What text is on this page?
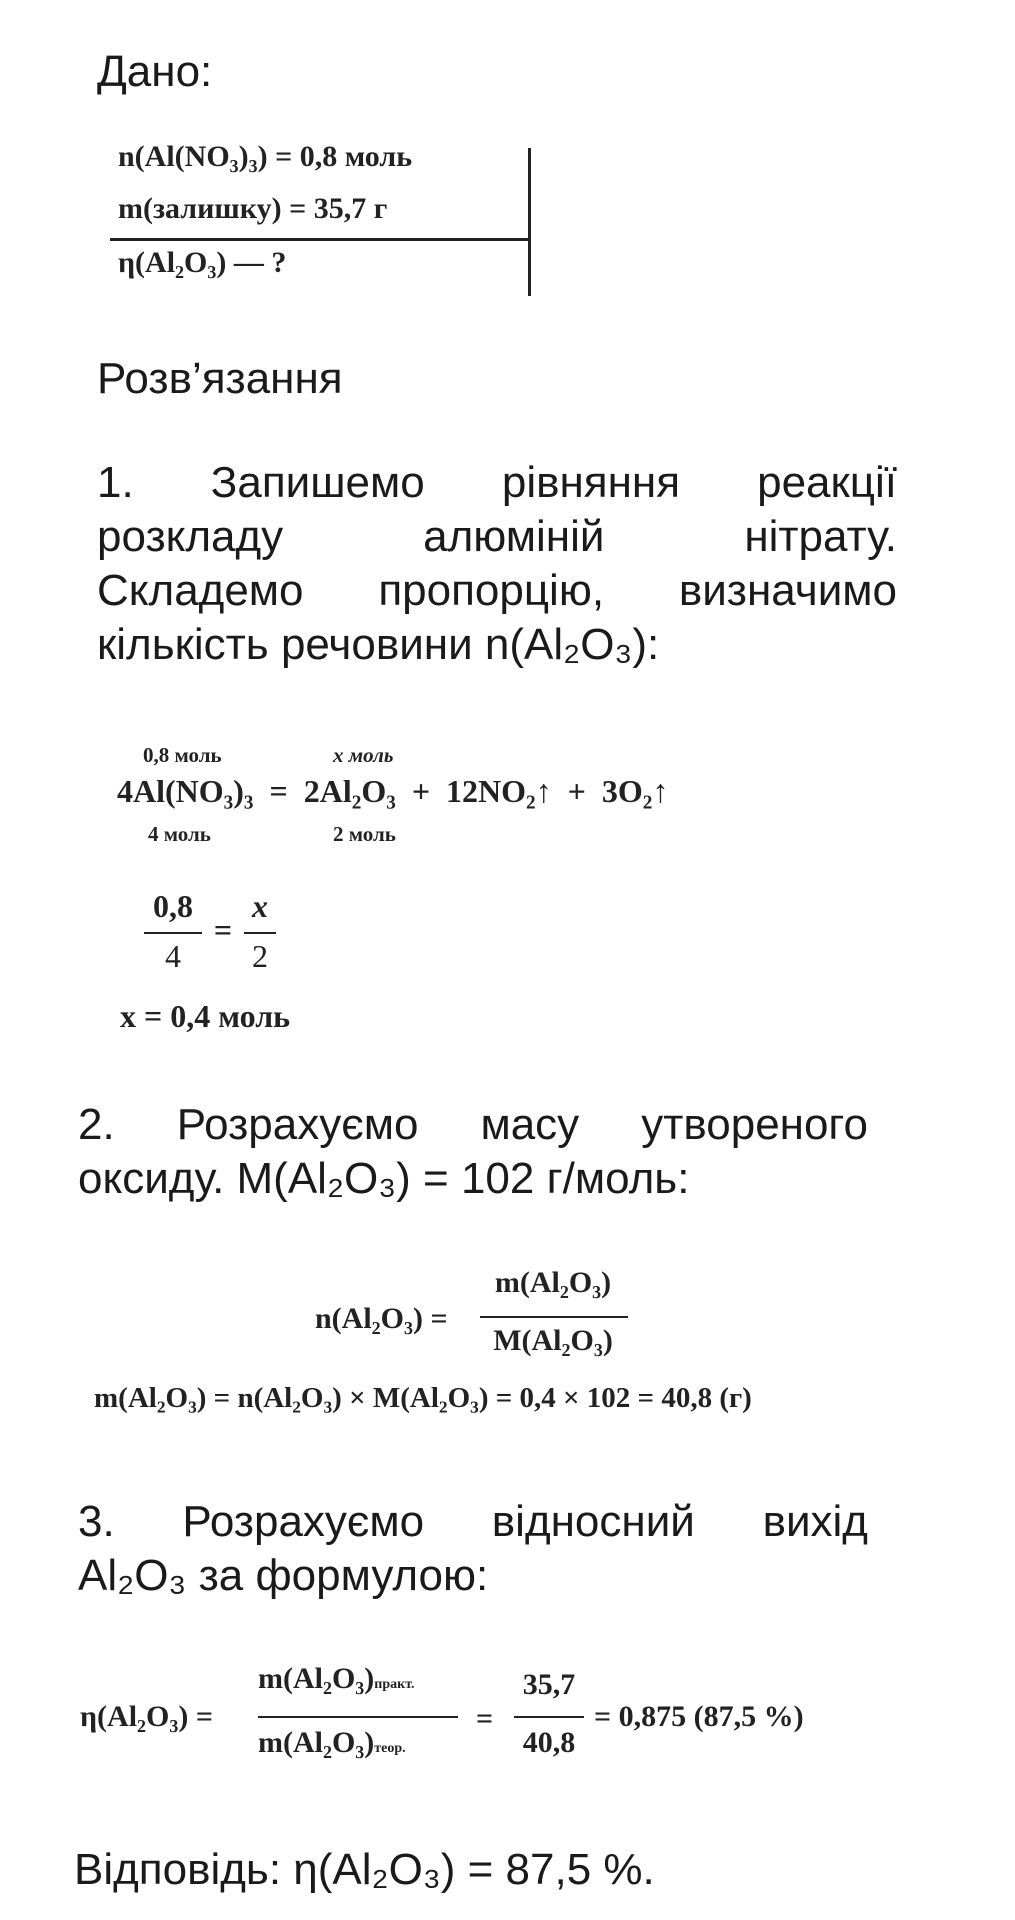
Дано:
n(Al(NO₃)₃) = 0,8 моль
m(залишку) = 35,7 г
η(Al₂O₃) — ?
Розв’язання
1. Запишемо рівняння реакції
розкладу	алюміній	нітрату.
Складемо пропорцію, визначимо
кількість речовини n(Al₂O₃):
0,8 моль	x моль
4Al(NO₃)₃  =  2Al₂O₃  +  12NO₂↑  +  3O₂↑
4 моль	2 моль
0,8
4
=
x
2
x = 0,4 моль
2. Розрахуємо масу утвореного
оксиду. M(Al₂O₃) = 102 г/моль:
n(Al₂O₃) =
m(Al₂O₃)
M(Al₂O₃)
m(Al₂O₃) = n(Al₂O₃) × M(Al₂O₃) = 0,4 × 102 = 40,8 (г)
3. Розрахуємо відносний вихід
Al₂O₃ за формулою:
η(Al₂O₃) =
m(Al₂O₃)практ.
m(Al₂O₃)теор.
=
35,7
40,8
= 0,875 (87,5 %)
Відповідь: η(Al₂O₃) = 87,5 %.
